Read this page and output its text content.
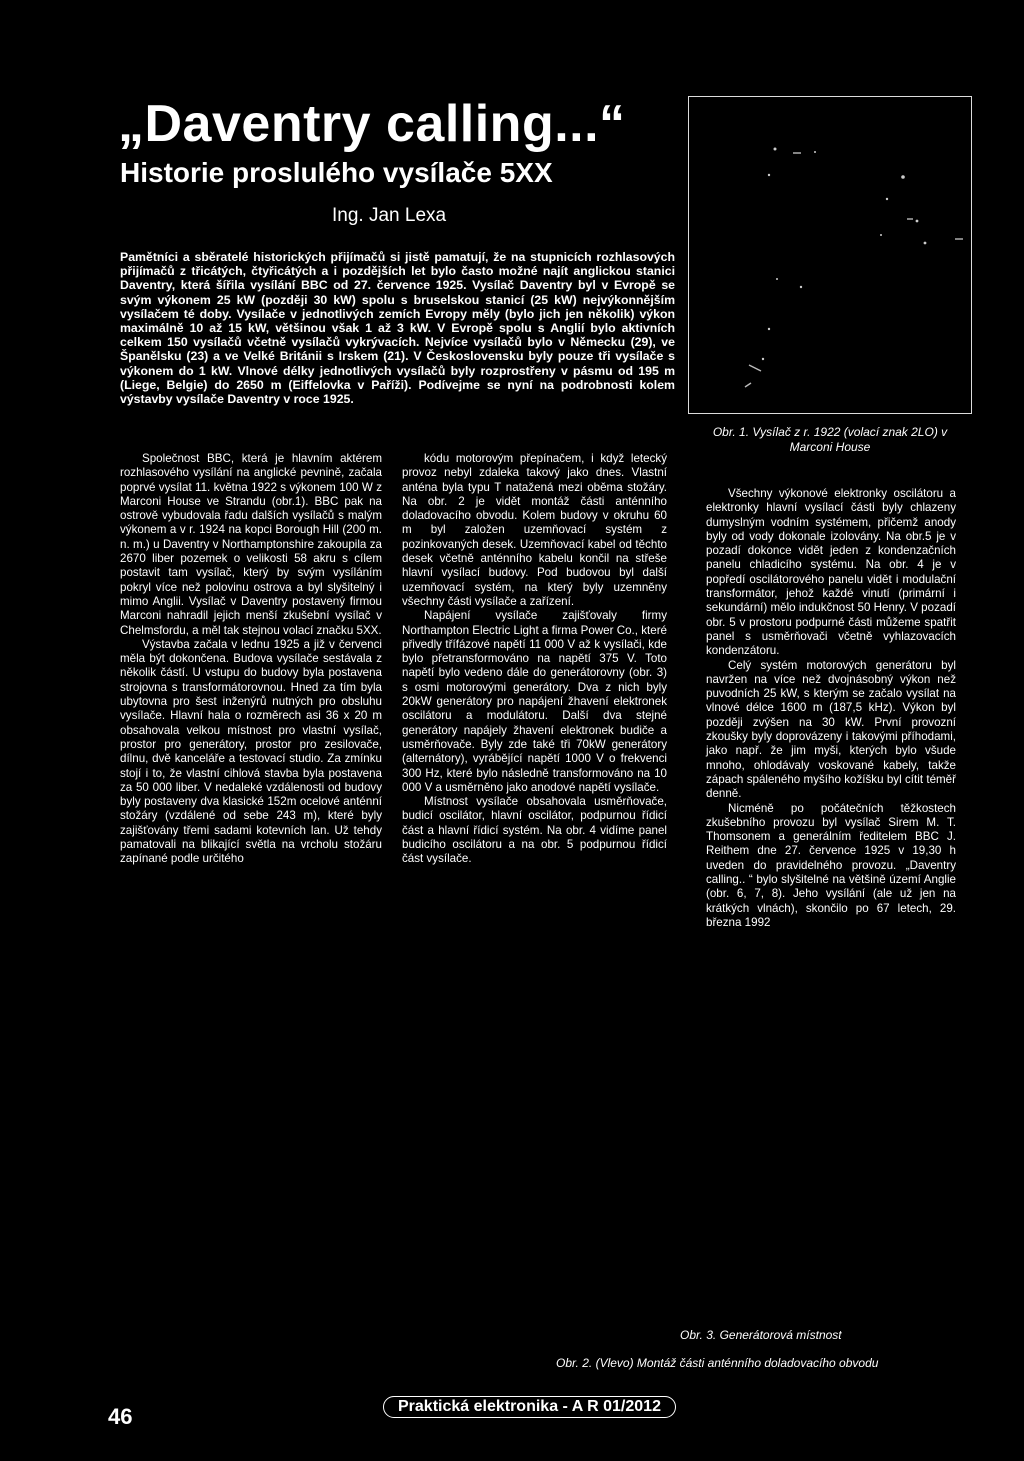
„Daventry calling...“
Historie proslulého vysílače 5XX
Ing. Jan Lexa

Pamětníci a sběratelé historických přijímačů si jistě pamatují, že na stupnicích rozhlasových přijímačů z třicátých, čtyřicátých a i pozdějších let bylo často možné najít anglickou stanici Daventry, která šířila vysílání BBC od 27. července 1925. Vysílač Daventry byl v Evropě se svým výkonem 25 kW (později 30 kW) spolu s bruselskou stanicí (25 kW) nejvýkonnějším vysílačem té doby. Vysílače v jednotlivých zemích Evropy měly (bylo jich jen několik) výkon maximálně 10 až 15 kW, většinou však 1 až 3 kW. V Evropě spolu s Anglií bylo aktivních celkem 150 vysílačů včetně vysílačů vykrývacích. Nejvíce vysílačů bylo v Německu (29), ve Španělsku (23) a ve Velké Británii s Irskem (21). V Československu byly pouze tři vysílače s výkonem do 1 kW. Vlnové délky jednotlivých vysílačů byly rozprostřeny v pásmu od 195 m (Liege, Belgie) do 2650 m (Eiffelovka v Paříži). Podívejme se nyní na podrobnosti kolem výstavby vysílače Daventry v roce 1925.

Obr. 1. Vysílač z r. 1922 (volací znak 2LO) v Marconi House

Společnost BBC, která je hlavním aktérem rozhlasového vysílání na anglické pevnině, začala poprvé vysílat 11. května 1922 s výkonem 100 W z Marconi House ve Strandu (obr.1). BBC pak na ostrově vybudovala řadu dalších vysílačů s malým výkonem a v r. 1924 na kopci Borough Hill (200 m. n. m.) u Daventry v Northamptonshire zakoupila za 2670 liber pozemek o velikosti 58 akru s cílem postavit tam vysílač, který by svým vysíláním pokryl více než polovinu ostrova a byl slyšitelný i mimo Anglii. Vysílač v Daventry postavený firmou Marconi nahradil jejich menší zkušební vysílač v Chelmsfordu, a měl tak stejnou volací značku 5XX.

Výstavba začala v lednu 1925 a již v červenci měla být dokončena. Budova vysílače sestávala z několik částí. U vstupu do budovy byla postavena strojovna s transformátorovnou. Hned za tím byla ubytovna pro šest inženýrů nutných pro obsluhu vysílače. Hlavní hala o rozměrech asi 36 x 20 m obsahovala velkou místnost pro vlastní vysílač, prostor pro generátory, prostor pro zesilovače, dílnu, dvě kanceláře a testovací studio. Za zmínku stojí i to, že vlastní cihlová stavba byla postavena za 50 000 liber. V nedaleké vzdálenosti od budovy byly postaveny dva klasické 152m ocelové anténní stožáry (vzdálené od sebe 243 m), které byly zajišťovány třemi sadami kotevních lan. Už tehdy pamatovali na blikající světla na vrcholu stožáru zapínané podle určitého

kódu motorovým přepínačem, i když letecký provoz nebyl zdaleka takový jako dnes. Vlastní anténa byla typu T natažená mezi oběma stožáry. Na obr. 2 je vidět montáž části anténního doladovacího obvodu. Kolem budovy v okruhu 60 m byl založen uzemňovací systém z pozinkovaných desek. Uzemňovací kabel od těchto desek včetně anténního kabelu končil na střeše hlavní vysílací budovy. Pod budovou byl další uzemňovací systém, na který byly uzemněny všechny části vysílače a zařízení.

Napájení vysílače zajišťovaly firmy Northampton Electric Light a firma Power Co., které přivedly třífázové napětí 11 000 V až k vysílači, kde bylo přetransformováno na napětí 375 V. Toto napětí bylo vedeno dále do generátorovny (obr. 3) s osmi motorovými generátory. Dva z nich byly 20kW generátory pro napájení žhavení elektronek oscilátoru a modulátoru. Další dva stejné generátory napájely žhavení elektronek budiče a usměrňovače. Byly zde také tři 70kW generátory (alternátory), vyrábějící napětí 1000 V o frekvenci 300 Hz, které bylo následně transformováno na 10 000 V a usměrněno jako anodové napětí vysílače.

Místnost vysílače obsahovala usměrňovače, budicí oscilátor, hlavní oscilátor, podpurnou řídicí část a hlavní řídicí systém. Na obr. 4 vidíme panel budicího oscilátoru a na obr. 5 podpurnou řídicí část vysílače.

Všechny výkonové elektronky oscilátoru a elektronky hlavní vysílací části byly chlazeny dumyslným vodním systémem, přičemž anody byly od vody dokonale izolovány. Na obr.5 je v pozadí dokonce vidět jeden z kondenzačních panelu chladicího systému. Na obr. 4 je v popředí oscilátorového panelu vidět i modulační transformátor, jehož každé vinutí (primární i sekundární) mělo indukčnost 50 Henry. V pozadí obr. 5 v prostoru podpurné části můžeme spatřit panel s usměrňovači včetně vyhlazovacích kondenzátoru.

Celý systém motorových generátoru byl navržen na více než dvojnásobný výkon než puvodních 25 kW, s kterým se začalo vysílat na vlnové délce 1600 m (187,5 kHz). Výkon byl později zvýšen na 30 kW. První provozní zkoušky byly doprovázeny i takovými příhodami, jako např. že jim myši, kterých bylo všude mnoho, ohlodávaly voskované kabely, takže zápach spáleného myšího kožíšku byl cítit téměř denně.

Nicméně po počátečních těžkostech zkušebního provozu byl vysílač Sirem M. T. Thomsonem a generálním ředitelem BBC J. Reithem dne 27. července 1925 v 19,30 h uveden do pravidelného provozu. „Daventry calling.. “ bylo slyšitelné na většině území Anglie (obr. 6, 7, 8). Jeho vysílání (ale už jen na krátkých vlnách), skončilo po 67 letech, 29. března 1992

Obr. 3. Generátorová místnost
Obr. 2. (Vlevo) Montáž části anténního doladovacího obvodu
46	Praktická elektronika - A R 01/2012
